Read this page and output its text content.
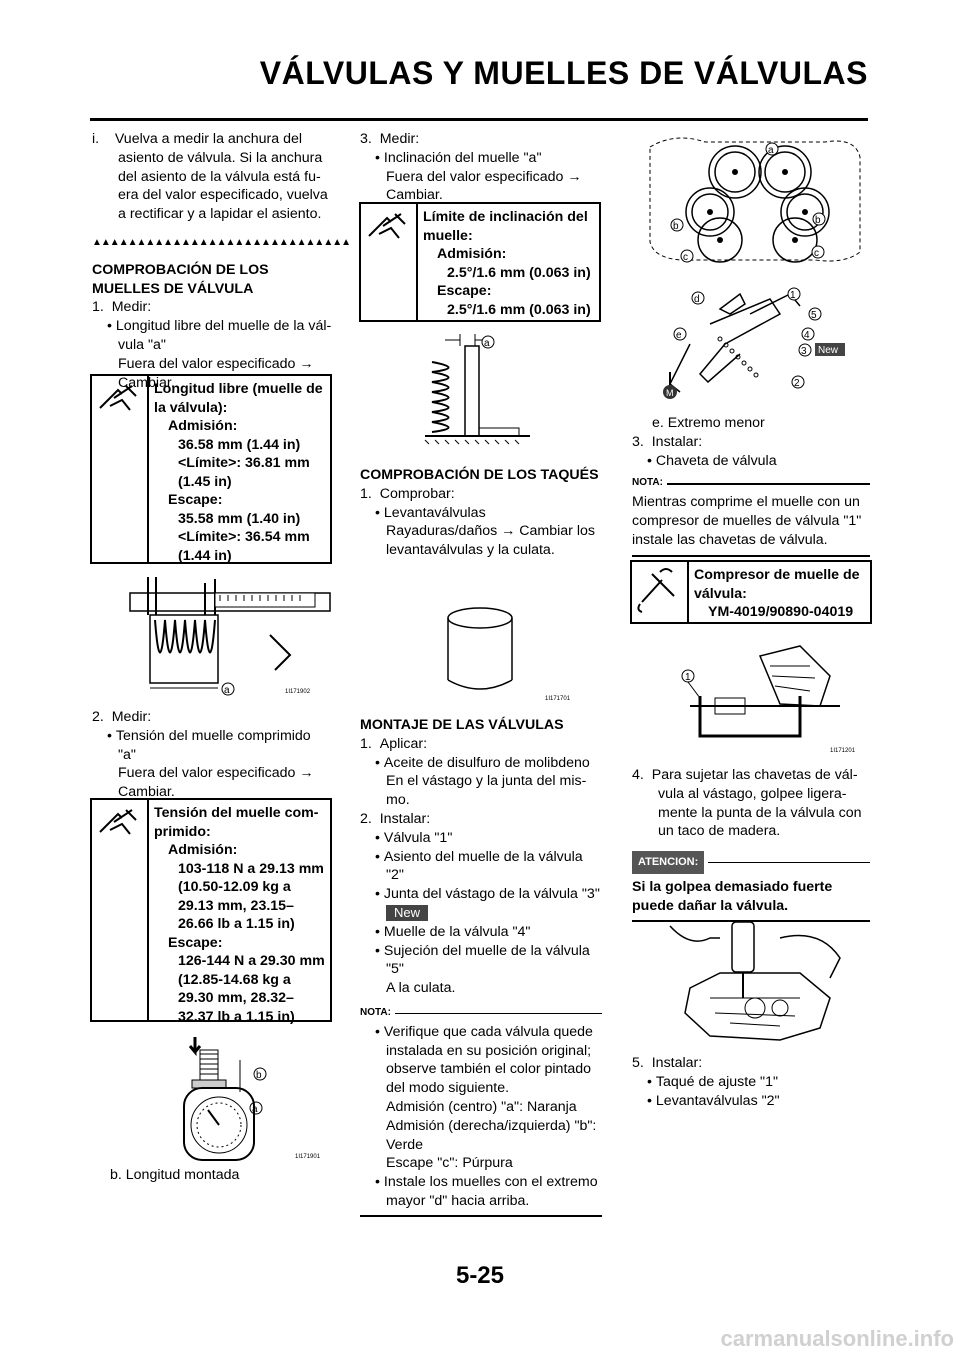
VÁLVULAS Y MUELLES DE VÁLVULAS

i. Vuelva a medir la anchura del asiento de válvula. Si la anchura del asiento de la válvula está fu-era del valor especificado, vuelva a rectificar y a lapidar el asiento.

▲▲▲▲▲▲▲▲▲▲▲▲▲▲▲▲▲▲▲▲▲▲▲▲▲▲▲▲▲

COMPROBACIÓN DE LOS MUELLES DE VÁLVULA

1. Medir:

• Longitud libre del muelle de la vál-vula "a"

Fuera del valor especificado → Cambiar.

Longitud libre (muelle de la válvula):
Admisión:
36.58 mm (1.44 in)
<Límite>: 36.81 mm (1.45 in)
Escape:
35.58 mm (1.40 in)
<Límite>: 36.54 mm (1.44 in)
a	1I171902

2. Medir:

• Tensión del muelle comprimido "a"

Fuera del valor especificado → Cambiar.

Tensión del muelle com-primido:
Admisión:
103-118 N a 29.13 mm (10.50-12.09 kg a 29.13 mm, 23.15–26.66 lb a 1.15 in)
Escape:
126-144 N a 29.30 mm (12.85-14.68 kg a 29.30 mm, 28.32–32.37 lb a 1.15 in)
b
a
1I171901
b. Longitud montada

3. Medir:

• Inclinación del muelle "a"

Fuera del valor especificado → Cambiar.

Límite de inclinación del muelle:
Admisión:
2.5°/1.6 mm (0.063 in)
Escape:
2.5°/1.6 mm (0.063 in)
a

COMPROBACIÓN DE LOS TAQUÉS

1. Comprobar:

• Levantaválvulas

Rayaduras/daños → Cambiar los levantaválvulas y la culata.

1I171701

MONTAJE DE LAS VÁLVULAS

1. Aplicar:

• Aceite de disulfuro de molibdeno

En el vástago y la junta del mis-mo.

2. Instalar:

• Válvula "1"

• Asiento del muelle de la válvula "2"

• Junta del vástago de la válvula "3"

New

• Muelle de la válvula "4"

• Sujeción del muelle de la válvula "5"

A la culata.

NOTA:

• Verifique que cada válvula quede instalada en su posición original; observe también el color pintado del modo siguiente.

Admisión (centro) "a": Naranja

Admisión (derecha/izquierda) "b": Verde

Escape "c": Púrpura

• Instale los muelles con el extremo mayor "d" hacia arriba.

a
b
b
c	c
M
d
e
1
5
4
3 New
2

e. Extremo menor

3. Instalar:

• Chaveta de válvula

NOTA:

Mientras comprime el muelle con un compresor de muelles de válvula "1" instale las chavetas de válvula.

Compresor de muelle de válvula:
YM-4019/90890-04019
1
1I171201

4. Para sujetar las chavetas de vál-vula al vástago, golpee ligera-mente la punta de la válvula con un taco de madera.

ATENCION:

Si la golpea demasiado fuerte puede dañar la válvula.

5. Instalar:

• Taqué de ajuste "1"

• Levantaválvulas "2"

5-25
carmanualsonline.info
